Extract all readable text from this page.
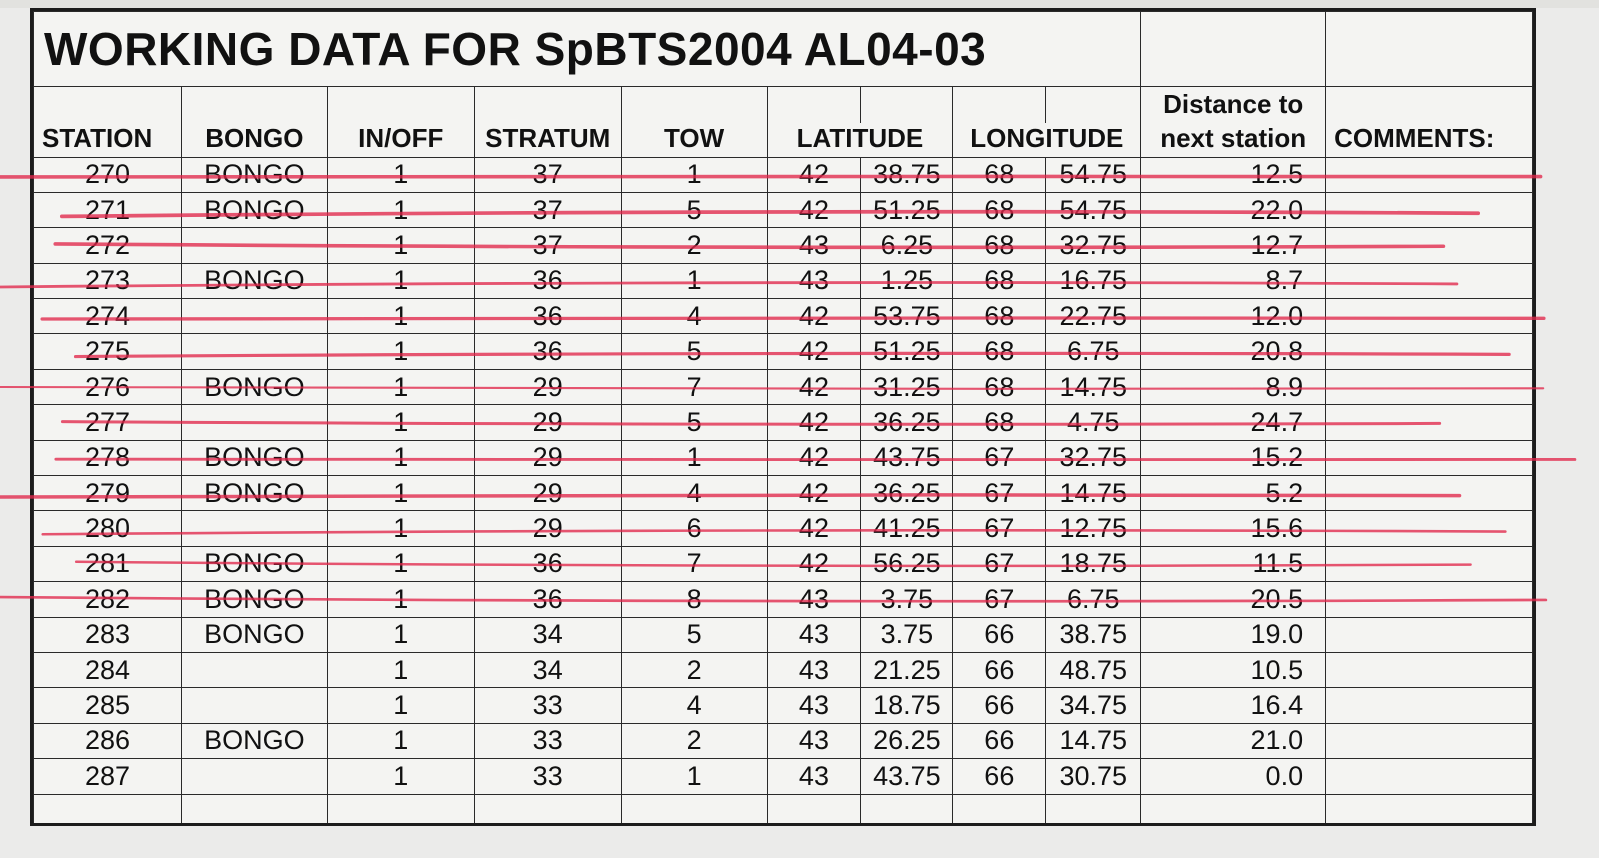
WORKING DATA FOR SpBTS2004 AL04-03										
									Distance to	
STATION	BONGO	IN/OFF	STRATUM	TOW	LATITUDE		LONGITUDE		next station	COMMENTS:
270	BONGO	1	37	1	42	38.75	68	54.75	12.5	
271	BONGO	1	37	5	42	51.25	68	54.75	22.0	
272		1	37	2	43	6.25	68	32.75	12.7	
273	BONGO	1	36	1	43	1.25	68	16.75	8.7	
274		1	36	4	42	53.75	68	22.75	12.0	
275		1	36	5	42	51.25	68	6.75	20.8	
276	BONGO	1	29	7	42	31.25	68	14.75	8.9	
277		1	29	5	42	36.25	68	4.75	24.7	
278	BONGO	1	29	1	42	43.75	67	32.75	15.2	
279	BONGO	1	29	4	42	36.25	67	14.75	5.2	
280		1	29	6	42	41.25	67	12.75	15.6	
281	BONGO	1	36	7	42	56.25	67	18.75	11.5	
282	BONGO	1	36	8	43	3.75	67	6.75	20.5	
283	BONGO	1	34	5	43	3.75	66	38.75	19.0	
284		1	34	2	43	21.25	66	48.75	10.5	
285		1	33	4	43	18.75	66	34.75	16.4	
286	BONGO	1	33	2	43	26.25	66	14.75	21.0	
287		1	33	1	43	43.75	66	30.75	0.0	
